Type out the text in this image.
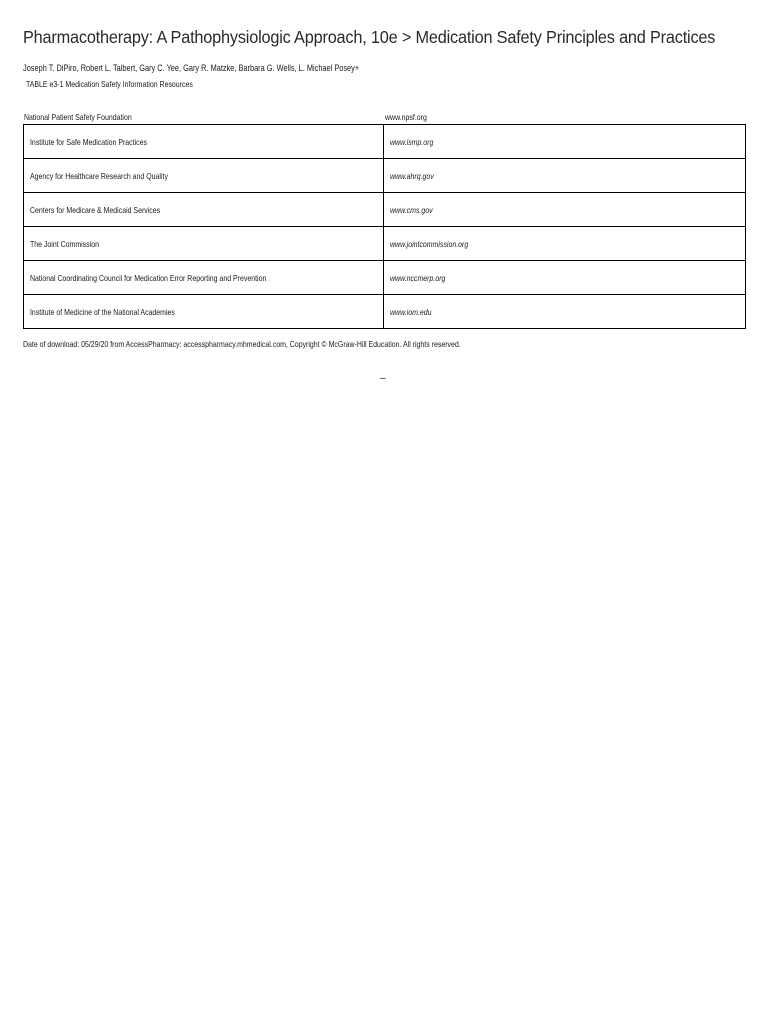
Pharmacotherapy: A Pathophysiologic Approach, 10e > Medication Safety Principles and Practices
Joseph T. DiPiro, Robert L. Talbert, Gary C. Yee, Gary R. Matzke, Barbara G. Wells, L. Michael Posey+
TABLE e3-1 Medication Safety Information Resources
National Patient Safety Foundation	www.npsf.org
Institute for Safe Medication Practices	www.ismp.org
Agency for Healthcare Research and Quality	www.ahrq.gov
Centers for Medicare & Medicaid Services	www.cms.gov
The Joint Commission	www.jointcommission.org
National Coordinating Council for Medication Error Reporting and Prevention	www.nccmerp.org
Institute of Medicine of the National Academies	www.iom.edu
Date of download: 05/29/20 from AccessPharmacy: accesspharmacy.mhmedical.com, Copyright © McGraw-Hill Education. All rights reserved.
–
